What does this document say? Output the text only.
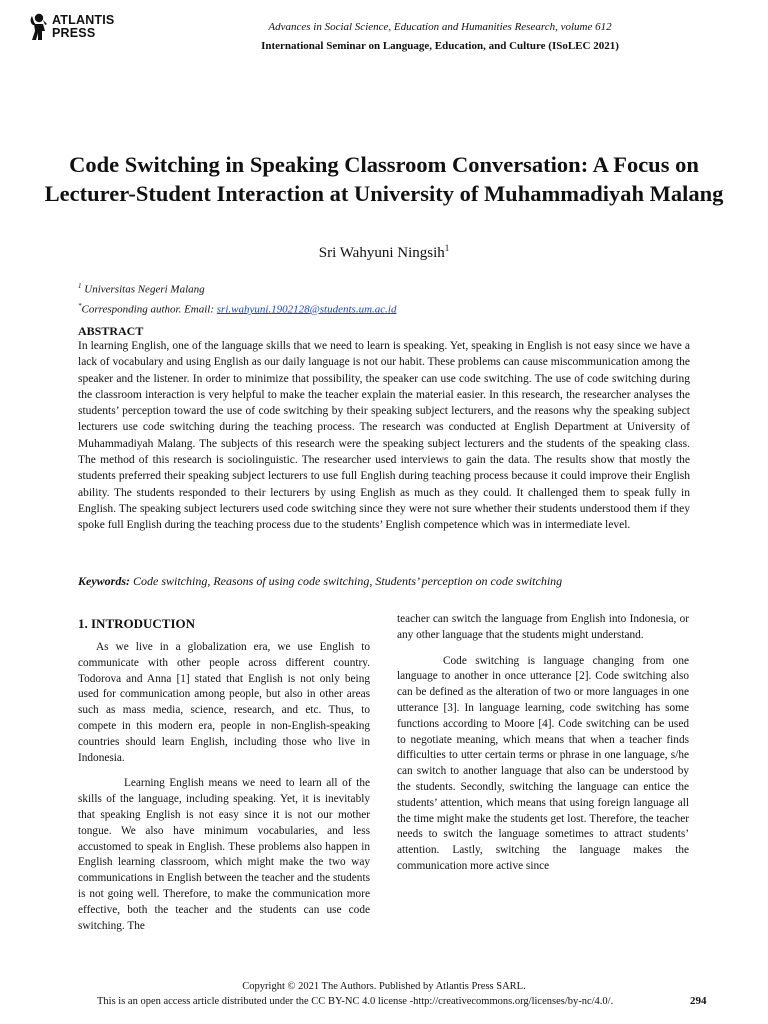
ATLANTIS
PRESS	Advances in Social Science, Education and Humanities Research, volume 612
International Seminar on Language, Education, and Culture (ISoLEC 2021)
Code Switching in Speaking Classroom Conversation: A Focus on Lecturer-Student Interaction at University of Muhammadiyah Malang
Sri Wahyuni Ningsih$^1$
$^1$ Universitas Negeri Malang
*Corresponding author. Email: sri.wahyuni.1902128@students.um.ac.id
ABSTRACT

In learning English, one of the language skills that we need to learn is speaking. Yet, speaking in English is not easy since we have a lack of vocabulary and using English as our daily language is not our habit. These problems can cause miscommunication among the speaker and the listener. In order to minimize that possibility, the speaker can use code switching. The use of code switching during the classroom interaction is very helpful to make the teacher explain the material easier. In this research, the researcher analyses the students’ perception toward the use of code switching by their speaking subject lecturers, and the reasons why the speaking subject lecturers use code switching during the teaching process. The research was conducted at English Department at University of Muhammadiyah Malang. The subjects of this research were the speaking subject lecturers and the students of the speaking class. The method of this research is sociolinguistic. The researcher used interviews to gain the data. The results show that mostly the students preferred their speaking subject lecturers to use full English during teaching process because it could improve their English ability. The students responded to their lecturers by using English as much as they could. It challenged them to speak fully in English. The speaking subject lecturers used code switching since they were not sure whether their students understood them if they spoke full English during the teaching process due to the students’ English competence which was in intermediate level.

Keywords: Code switching, Reasons of using code switching, Students’ perception on code switching
1. INTRODUCTION

As we live in a globalization era, we use English to communicate with other people across different country. Todorova and Anna [1] stated that English is not only being used for communication among people, but also in other areas such as mass media, science, research, and etc. Thus, to compete in this modern era, people in non-English-speaking countries should learn English, including those who live in Indonesia.

Learning English means we need to learn all of the skills of the language, including speaking. Yet, it is inevitably that speaking English is not easy since it is not our mother tongue. We also have minimum vocabularies, and less accustomed to speak in English. These problems also happen in English learning classroom, which might make the two way communications in English between the teacher and the students is not going well. Therefore, to make the communication more effective, both the teacher and the students can use code switching. The

teacher can switch the language from English into Indonesia, or any other language that the students might understand.

Code switching is language changing from one language to another in once utterance [2]. Code switching also can be defined as the alteration of two or more languages in one utterance [3]. In language learning, code switching has some functions according to Moore [4]. Code switching can be used to negotiate meaning, which means that when a teacher finds difficulties to utter certain terms or phrase in one language, s/he can switch to another language that also can be understood by the students. Secondly, switching the language can entice the students’ attention, which means that using foreign language all the time might make the students get lost. Therefore, the teacher needs to switch the language sometimes to attract students’ attention. Lastly, switching the language makes the communication more active since

Copyright © 2021 The Authors. Published by Atlantis Press SARL.
This is an open access article distributed under the CC BY-NC 4.0 license -http://creativecommons.org/licenses/by-nc/4.0/.	294
